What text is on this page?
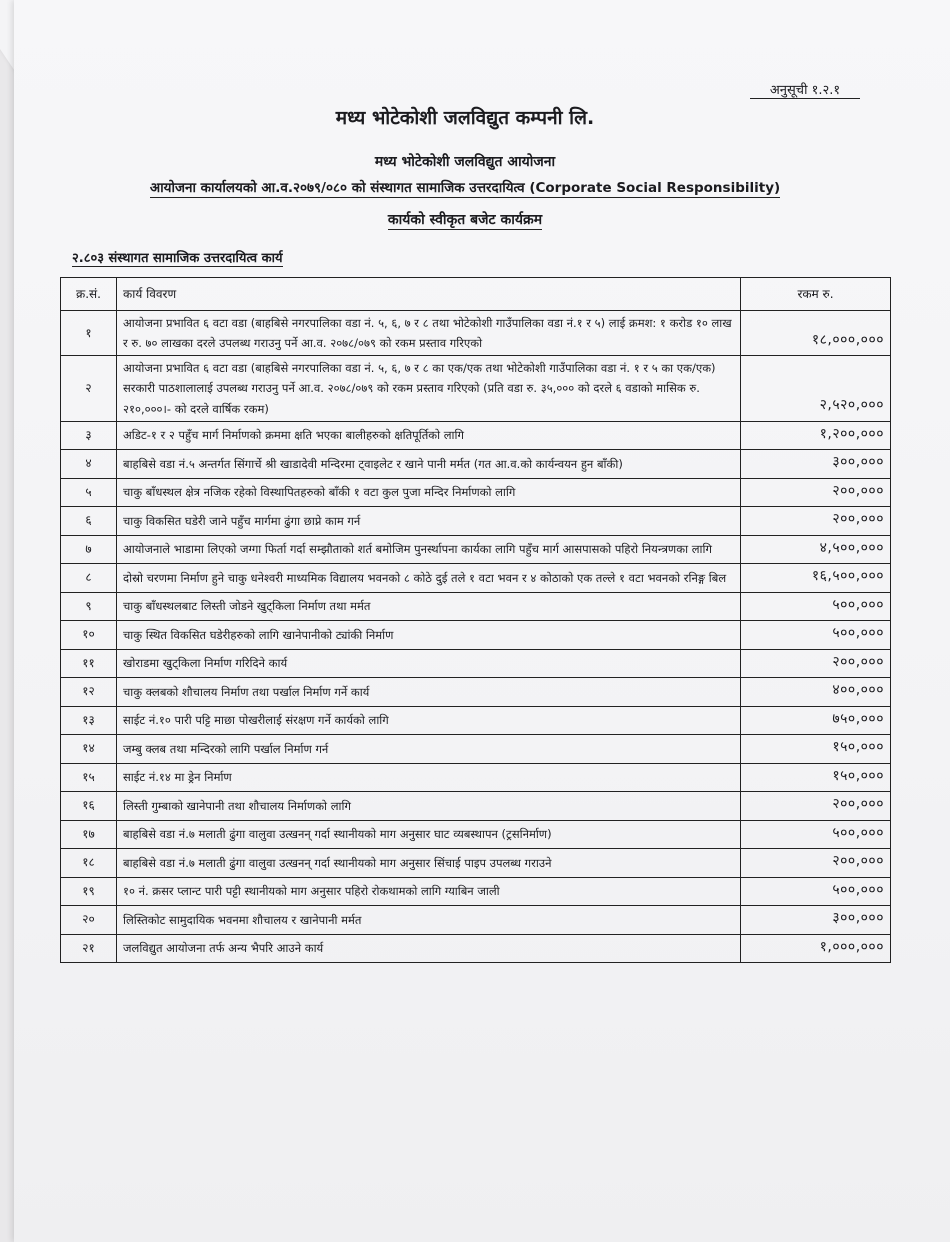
अनुसूची १.२.१
मध्य भोटेकोशी जलविद्युत कम्पनी लि.
मध्य भोटेकोशी जलविद्युत आयोजना
आयोजना कार्यालयको आ.व.२०७९/०८० को संस्थागत सामाजिक उत्तरदायित्व (Corporate Social Responsibility)
कार्यको स्वीकृत बजेट कार्यक्रम
२.८०३ संस्थागत सामाजिक उत्तरदायित्व कार्य
क्र.सं.	कार्य विवरण	रकम रु.
१	आयोजना प्रभावित ६ वटा वडा (बाहबिसे नगरपालिका वडा नं. ५, ६, ७ र ८ तथा भोटेकोशी गाउँपालिका वडा नं.१ र ५) लाई क्रमश: १ करोड १० लाख र रु. ७० लाखका दरले उपलब्ध गराउनु पर्ने आ.व. २०७८/०७९ को रकम प्रस्ताव गरिएको	१८,०००,०००
२	आयोजना प्रभावित ६ वटा वडा (बाहबिसे नगरपालिका वडा नं. ५, ६, ७ र ८ का एक/एक तथा भोटेकोशी गाउँपालिका वडा नं. १ र ५ का एक/एक) सरकारी पाठशालालाई उपलब्ध गराउनु पर्ने आ.व. २०७८/०७९ को रकम प्रस्ताव गरिएको (प्रति वडा रु. ३५,००० को दरले ६ वडाको मासिक रु. २१०,०००।- को दरले वार्षिक रकम)	२,५२०,०००
३	अडिट-१ र २ पहुँच मार्ग निर्माणको क्रममा क्षति भएका बालीहरुको क्षतिपूर्तिको लागि	१,२००,०००
४	बाहबिसे वडा नं.५ अन्तर्गत सिंगार्चे श्री खाडादेवी मन्दिरमा ट्वाइलेट र खाने पानी मर्मत (गत आ.व.को कार्यन्वयन हुन बाँकी)	३००,०००
५	चाकु बाँधस्थल क्षेत्र नजिक रहेको विस्थापितहरुको बाँकी १ वटा कुल पुजा मन्दिर निर्माणको लागि	२००,०००
६	चाकु विकसित घडेरी जाने पहुँच मार्गमा ढुंगा छाप्ने काम गर्न	२००,०००
७	आयोजनाले भाडामा लिएको जग्गा फिर्ता गर्दा सम्झौताको शर्त बमोजिम पुनर्स्थापना कार्यका लागि पहुँच मार्ग आसपासको पहिरो नियन्त्रणका लागि	४,५००,०००
८	दोस्रो चरणमा निर्माण हुने चाकु धनेश्वरी माध्यमिक विद्यालय भवनको ८ कोठे दुई तले १ वटा भवन र ४ कोठाको एक तल्ले १ वटा भवनको रनिङ्ग बिल	१६,५००,०००
९	चाकु बाँधस्थलबाट लिस्ती जोडने खुट्किला निर्माण तथा मर्मत	५००,०००
१०	चाकु स्थित विकसित घडेरीहरुको लागि खानेपानीको ट्यांकी निर्माण	५००,०००
११	खोराडमा खुट्किला निर्माण गरिदिने कार्य	२००,०००
१२	चाकु क्लबको शौचालय निर्माण तथा पर्खाल निर्माण गर्ने कार्य	४००,०००
१३	साईट नं.१० पारी पट्टि माछा पोखरीलाई संरक्षण गर्ने कार्यको लागि	७५०,०००
१४	जम्बु क्लब तथा मन्दिरको लागि पर्खाल निर्माण गर्न	१५०,०००
१५	साईट नं.१४ मा ड्रेन निर्माण	१५०,०००
१६	लिस्ती गुम्बाको खानेपानी तथा शौचालय निर्माणको लागि	२००,०००
१७	बाहबिसे वडा नं.७ मलाती ढुंगा वालुवा उत्खनन् गर्दा स्थानीयको माग अनुसार घाट व्यबस्थापन (ट्रसनिर्माण)	५००,०००
१८	बाहबिसे वडा नं.७ मलाती ढुंगा वालुवा उत्खनन् गर्दा स्थानीयको माग अनुसार सिंचाई पाइप उपलब्ध गराउने	२००,०००
१९	१० नं. क्रसर प्लान्ट पारी पट्टी स्थानीयको माग अनुसार पहिरो रोकथामको लागि ग्याबिन जाली	५००,०००
२०	लिस्तिकोट सामुदायिक भवनमा शौचालय र खानेपानी मर्मत	३००,०००
२१	जलविद्युत आयोजना तर्फ अन्य भैपरि आउने कार्य	१,०००,०००
